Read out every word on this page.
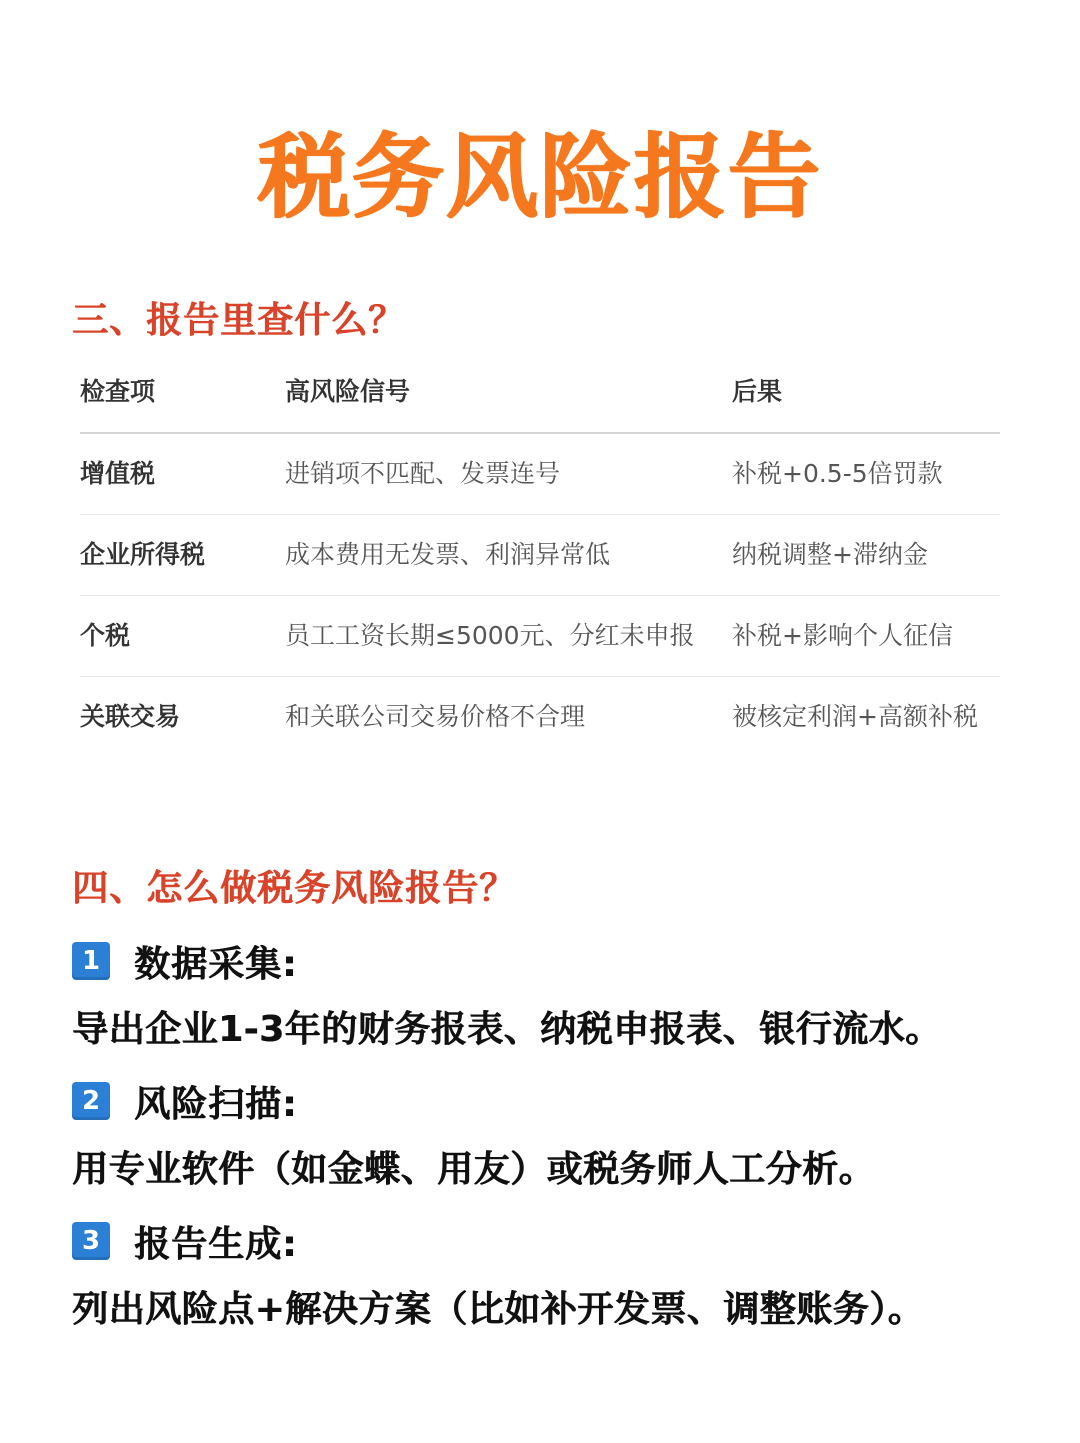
税务风险报告
三、报告里查什么？
检查项	高风险信号	后果
增值税	进销项不匹配、发票连号	补税+0.5-5倍罚款
企业所得税	成本费用无发票、利润异常低	纳税调整+滞纳金
个税	员工工资长期≤5000元、分红未申报	补税+影响个人征信
关联交易	和关联公司交易价格不合理	被核定利润+高额补税
四、怎么做税务风险报告？
1 数据采集:
导出企业1-3年的财务报表、纳税申报表、银行流水。
2 风险扫描:
用专业软件（如金蝶、用友）或税务师人工分析。
3 报告生成:
列出风险点+解决方案（比如补开发票、调整账务）。
